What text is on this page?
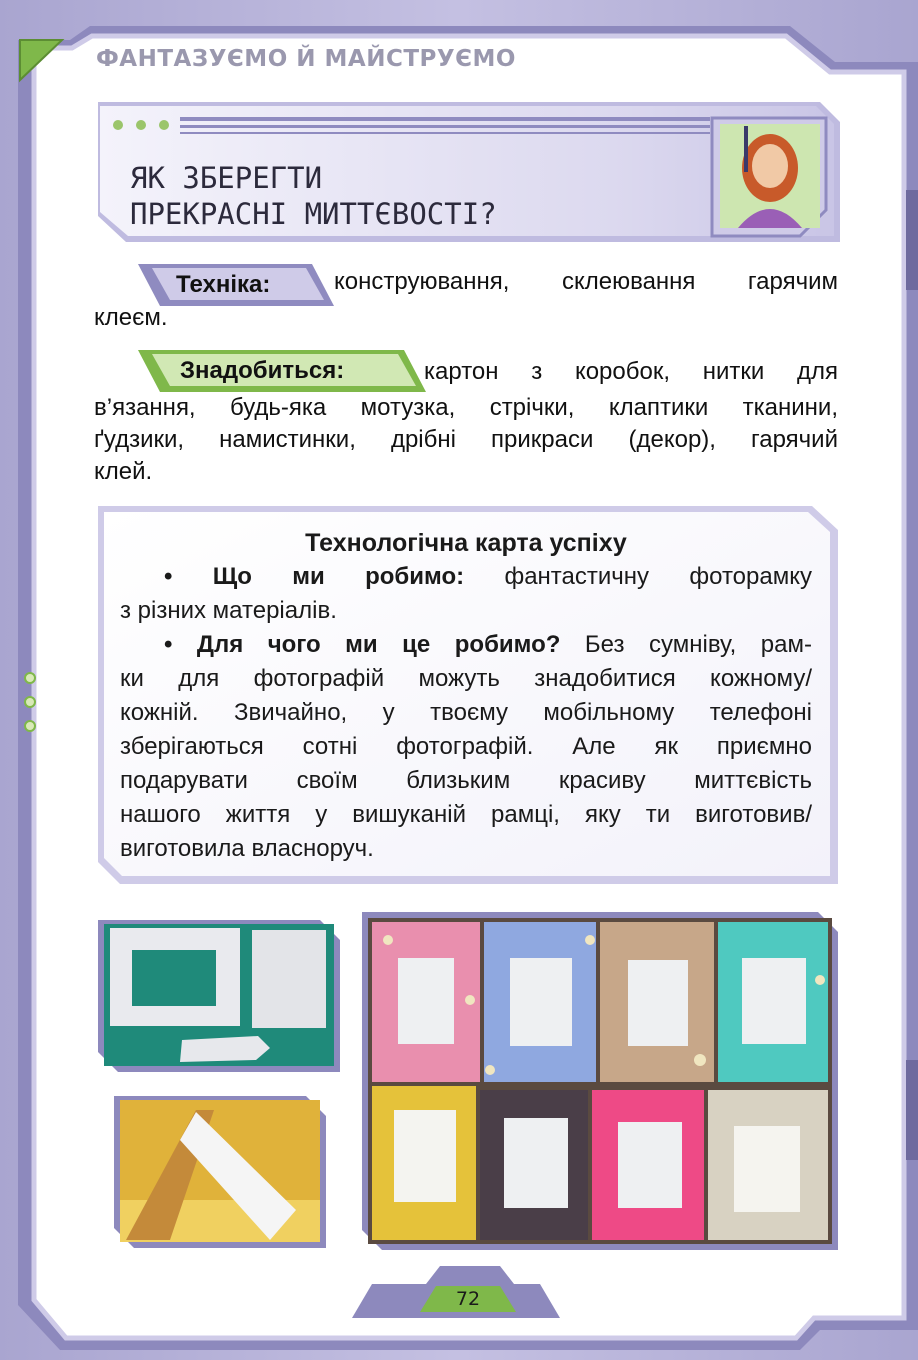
ФАНТАЗУЄМО Й МАЙСТРУЄМО
ЯК ЗБЕРЕГТИ
ПРЕКРАСНІ МИТТЄВОСТІ?
Техніка:	конструювання, склеювання гарячим
клеєм.
Знадобиться:	картон з коробок, нитки для
в’язання, будь-яка мотузка, стрічки, клаптики тканини,
ґудзики, намистинки, дрібні прикраси (декор), гарячий
клей.
Технологічна карта успіху

• Що ми робимо: фантастичну фоторамку

з різних матеріалів.

• Для чого ми це робимо? Без сумніву, рам-

ки для фотографій можуть знадобитися кожному/

кожній. Звичайно, у твоєму мобільному телефоні

зберігаються сотні фотографій. Але як приємно

подарувати своїм близьким красиву миттєвість

нашого життя у вишуканій рамці, яку ти виготовив/

виготовила власноруч.

72
